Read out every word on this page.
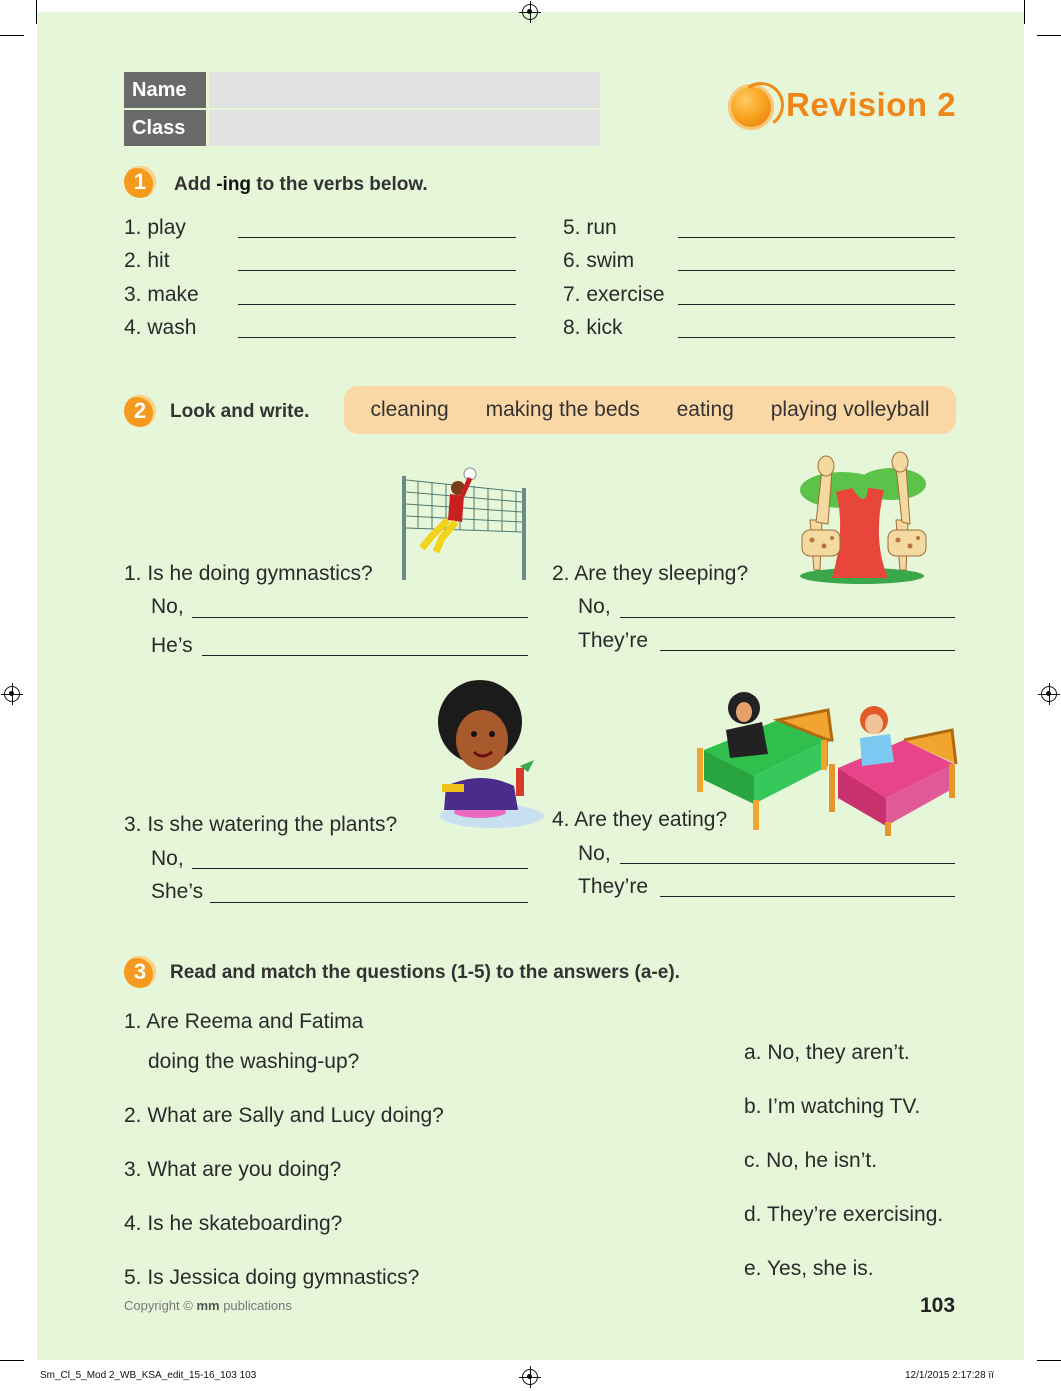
Name
Class
Revision 2
1	Add -ing to the verbs below.
1. play
2. hit
3. make
4. wash
5. run
6. swim
7. exercise
8. kick
2	Look and write.	cleaning making the beds eating playing volleyball
1. Is he doing gymnastics?
No,
He’s
2. Are they sleeping?
No,
They’re
3. Is she watering the plants?
No,
She’s
4. Are they eating?
No,
They’re
3	Read and match the questions (1-5) to the answers (a-e).
1. Are Reema and Fatima
doing the washing-up?
2. What are Sally and Lucy doing?
3. What are you doing?
4. Is he skateboarding?
5. Is Jessica doing gymnastics?
a. No, they aren’t.
b. I’m watching TV.
c. No, he isn’t.
d. They’re exercising.
e. Yes, she is.
Copyright © mm publications	103
Sm_Cl_5_Mod 2_WB_KSA_edit_15-16_103 103	12/1/2015 2:17:28 ïï
